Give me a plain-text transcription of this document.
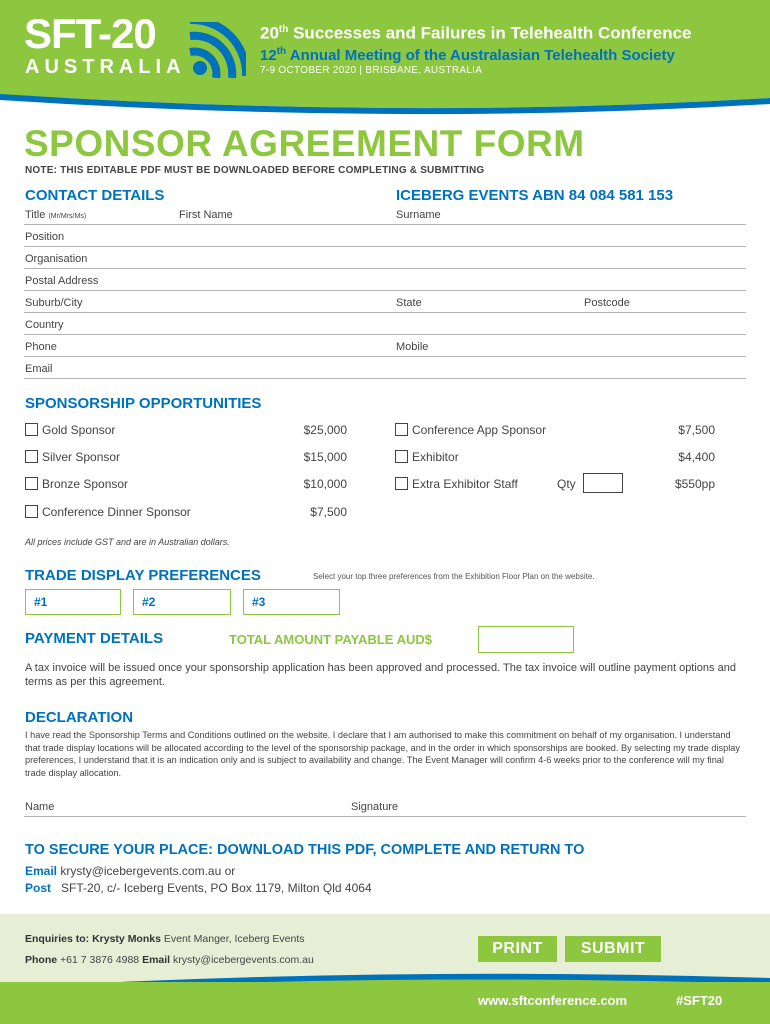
SFT-20
AUSTRALIA
20th Successes and Failures in Telehealth Conference
12th Annual Meeting of the Australasian Telehealth Society
7-9 OCTOBER 2020 | BRISBANE, AUSTRALIA
SPONSOR AGREEMENT FORM
NOTE: THIS EDITABLE PDF MUST BE DOWNLOADED BEFORE COMPLETING & SUBMITTING
CONTACT DETAILS	ICEBERG EVENTS ABN 84 084 581 153
Title (Mr/Mrs/Ms)	First Name	Surname
Position
Organisation
Postal Address
Suburb/City	State	Postcode
Country
Phone	Mobile
Email
SPONSORSHIP OPPORTUNITIES
Gold Sponsor	$25,000
Silver Sponsor	$15,000
Bronze Sponsor	$10,000
Conference Dinner Sponsor	$7,500
Conference App Sponsor	$7,500
Exhibitor	$4,400
Extra Exhibitor Staff	Qty	$550pp
All prices include GST and are in Australian dollars.
TRADE DISPLAY PREFERENCES	Select your top three preferences from the Exhibition Floor Plan on the website.
#1	#2	#3
PAYMENT DETAILS	TOTAL AMOUNT PAYABLE AUD$
A tax invoice will be issued once your sponsorship application has been approved and processed. The tax invoice will outline payment options and terms as per this agreement.
DECLARATION
I have read the Sponsorship Terms and Conditions outlined on the website. I declare that I am authorised to make this commitment on behalf of my organisation. I understand that trade display locations will be allocated according to the level of the sponsorship package, and in the order in which sponsorships are booked. By selecting my trade display preferences, I understand that it is an indication only and is subject to availability and change. The Event Manager will confirm 4-6 weeks prior to the conference will my final trade display allocation.
Name	Signature
TO SECURE YOUR PLACE: DOWNLOAD THIS PDF, COMPLETE AND RETURN TO
Email krysty@icebergevents.com.au or
Post SFT-20, c/- Iceberg Events, PO Box 1179, Milton Qld 4064
Enquiries to: Krysty Monks Event Manger, Iceberg Events
Phone +61 7 3876 4988 Email krysty@icebergevents.com.au
PRINT	SUBMIT
www.sftconference.com	#SFT20
